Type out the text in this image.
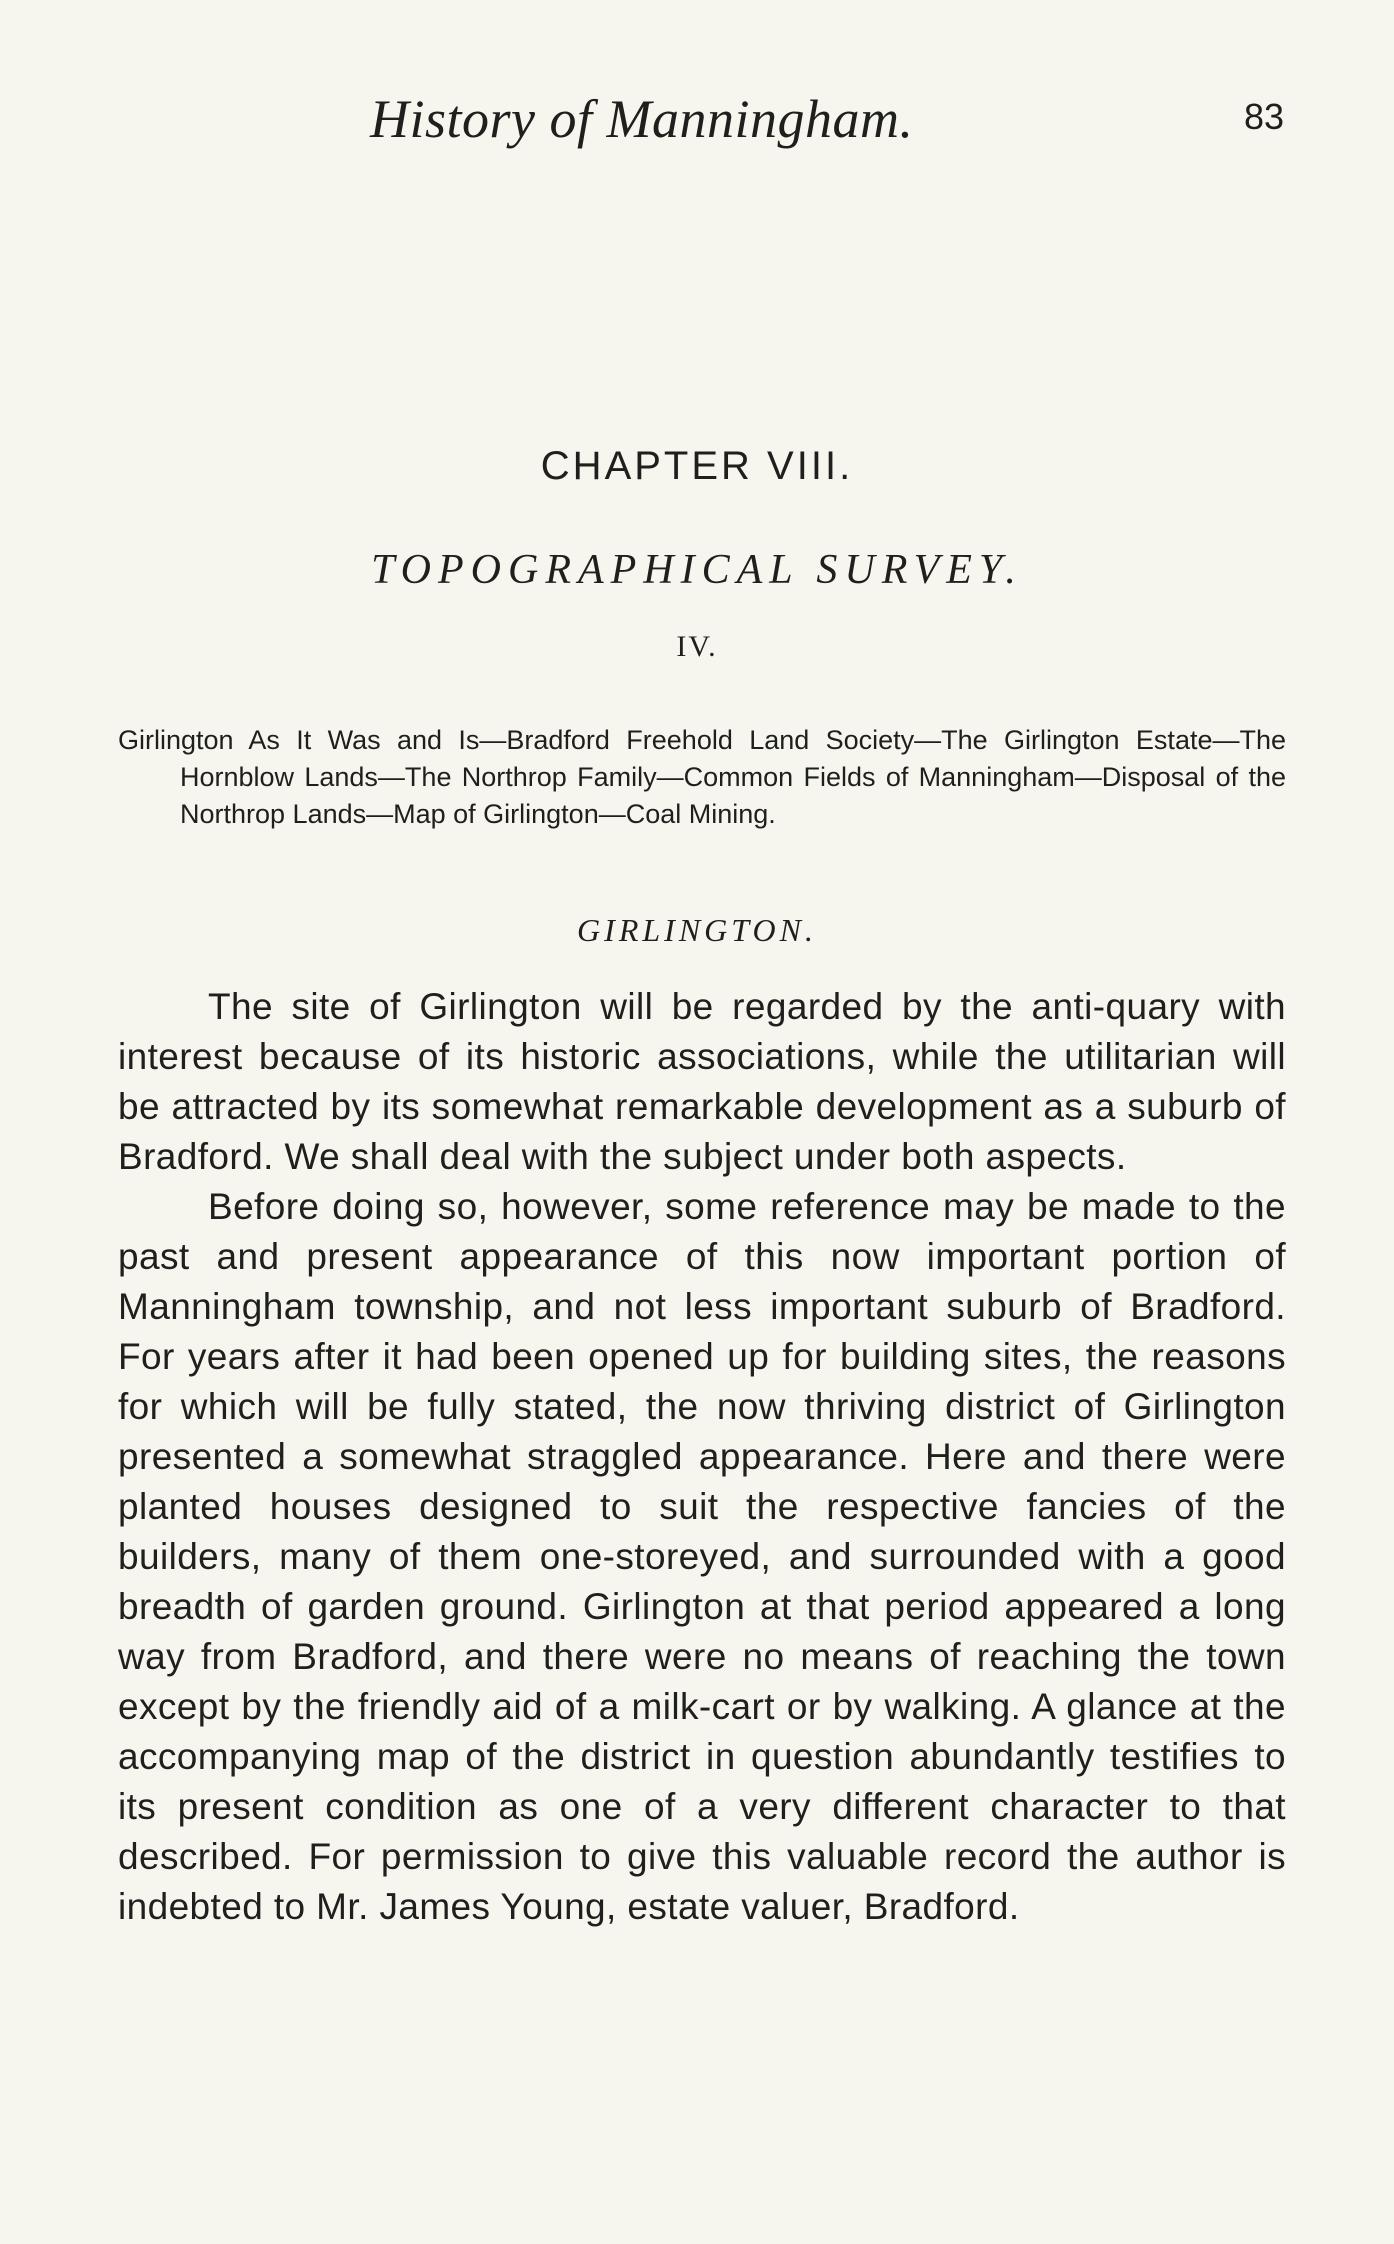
History of Manningham.	83
CHAPTER VIII.
TOPOGRAPHICAL SURVEY.
IV.
Girlington As It Was and Is—Bradford Freehold Land Society—The Girlington Estate—The Hornblow Lands—The Northrop Family—Common Fields of Manningham—Disposal of the Northrop Lands—Map of Girlington—Coal Mining.
GIRLINGTON.

The site of Girlington will be regarded by the anti-quary with interest because of its historic associations, while the utilitarian will be attracted by its somewhat remarkable development as a suburb of Bradford. We shall deal with the subject under both aspects.

Before doing so, however, some reference may be made to the past and present appearance of this now important portion of Manningham township, and not less important suburb of Bradford. For years after it had been opened up for building sites, the reasons for which will be fully stated, the now thriving district of Girlington presented a somewhat straggled appearance. Here and there were planted houses designed to suit the respective fancies of the builders, many of them one-storeyed, and surrounded with a good breadth of garden ground. Girlington at that period appeared a long way from Bradford, and there were no means of reaching the town except by the friendly aid of a milk-cart or by walking. A glance at the accompanying map of the district in question abundantly testifies to its present condition as one of a very different character to that described. For permission to give this valuable record the author is indebted to Mr. James Young, estate valuer, Bradford.
